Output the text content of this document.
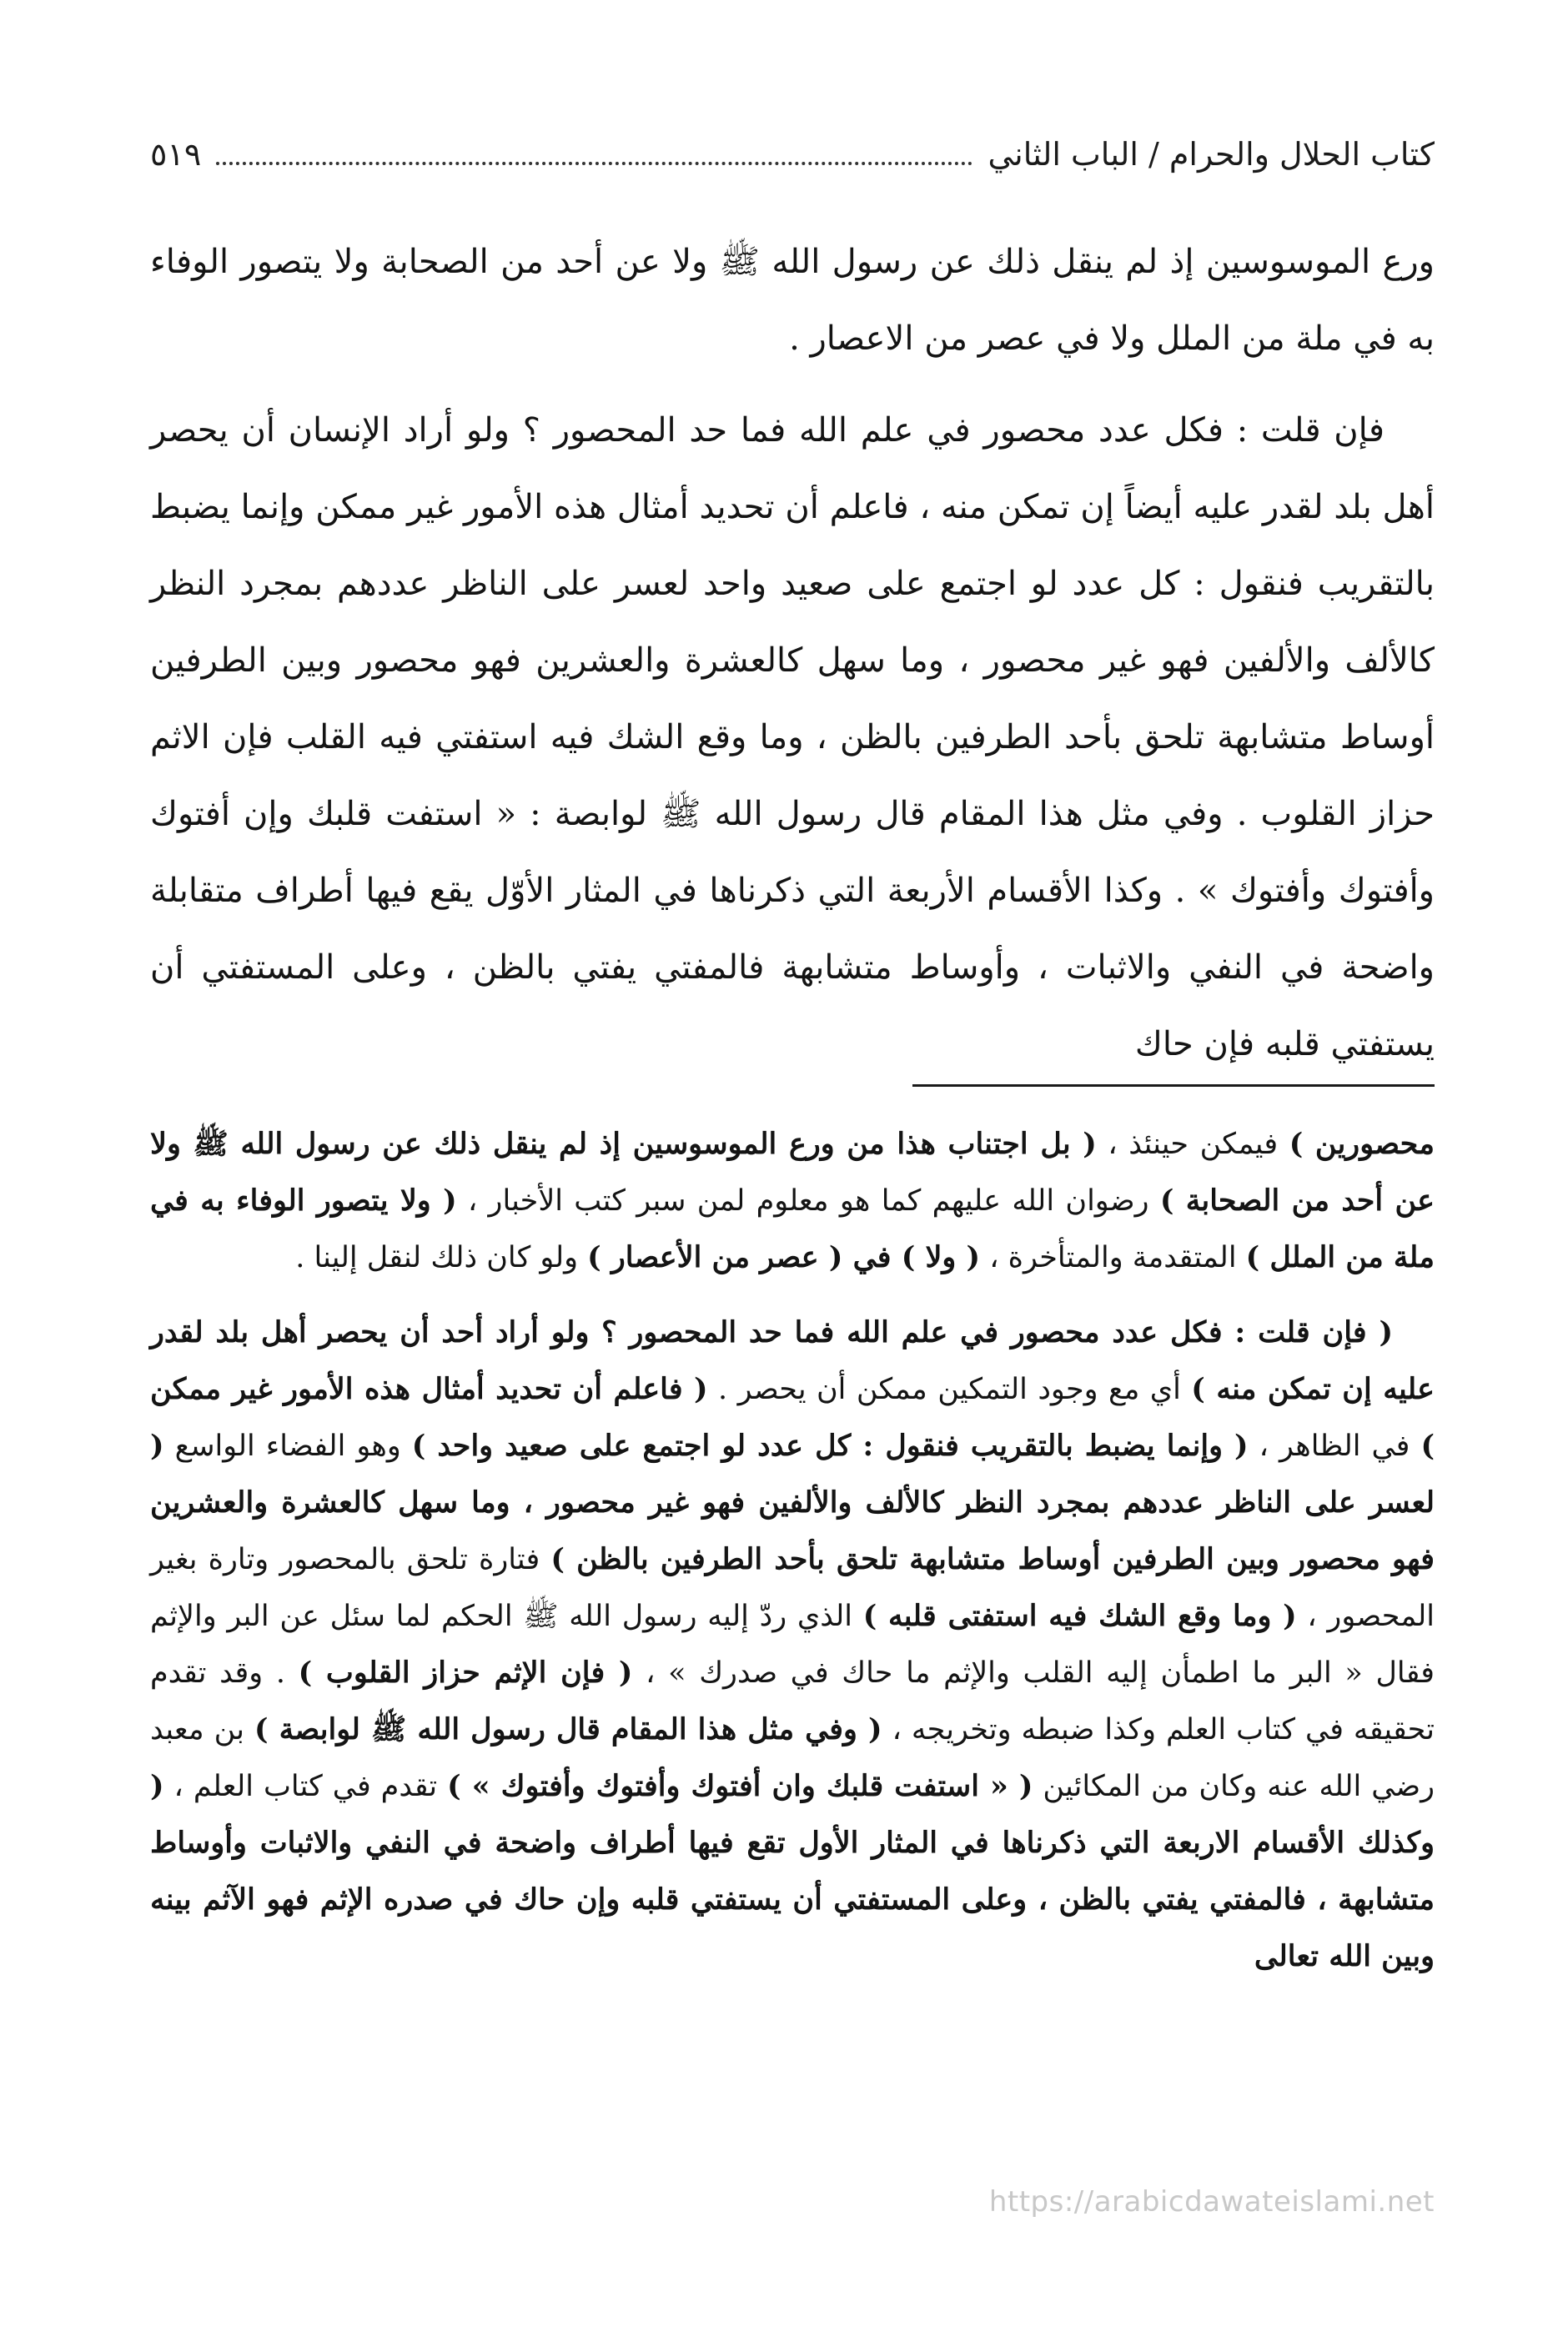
كتاب الحلال والحرام / الباب الثاني
٥١٩

ورع الموسوسين إذ لم ينقل ذلك عن رسول الله ﷺ ولا عن أحد من الصحابة ولا يتصور الوفاء به في ملة من الملل ولا في عصر من الاعصار .

فإن قلت : فكل عدد محصور في علم الله فما حد المحصور ؟ ولو أراد الإنسان أن يحصر أهل بلد لقدر عليه أيضاً إن تمكن منه ، فاعلم أن تحديد أمثال هذه الأمور غير ممكن وإنما يضبط بالتقريب فنقول : كل عدد لو اجتمع على صعيد واحد لعسر على الناظر عددهم بمجرد النظر كالألف والألفين فهو غير محصور ، وما سهل كالعشرة والعشرين فهو محصور وبين الطرفين أوساط متشابهة تلحق بأحد الطرفين بالظن ، وما وقع الشك فيه استفتي فيه القلب فإن الاثم حزاز القلوب . وفي مثل هذا المقام قال رسول الله ﷺ لوابصة : « استفت قلبك وإن أفتوك وأفتوك وأفتوك » . وكذا الأقسام الأربعة التي ذكرناها في المثار الأوّل يقع فيها أطراف متقابلة واضحة في النفي والاثبات ، وأوساط متشابهة فالمفتي يفتي بالظن ، وعلى المستفتي أن يستفتي قلبه فإن حاك

محصورين ) فيمكن حينئذ ، ( بل اجتناب هذا من ورع الموسوسين إذ لم ينقل ذلك عن رسول الله ﷺ ولا عن أحد من الصحابة ) رضوان الله عليهم كما هو معلوم لمن سبر كتب الأخبار ، ( ولا يتصور الوفاء به في ملة من الملل ) المتقدمة والمتأخرة ، ( ولا ) في ( عصر من الأعصار ) ولو كان ذلك لنقل إلينا .

( فإن قلت : فكل عدد محصور في علم الله فما حد المحصور ؟ ولو أراد أحد أن يحصر أهل بلد لقدر عليه إن تمكن منه ) أي مع وجود التمكين ممكن أن يحصر . ( فاعلم أن تحديد أمثال هذه الأمور غير ممكن ) في الظاهر ، ( وإنما يضبط بالتقريب فنقول : كل عدد لو اجتمع على صعيد واحد ) وهو الفضاء الواسع ( لعسر على الناظر عددهم بمجرد النظر كالألف والألفين فهو غير محصور ، وما سهل كالعشرة والعشرين فهو محصور وبين الطرفين أوساط متشابهة تلحق بأحد الطرفين بالظن ) فتارة تلحق بالمحصور وتارة بغير المحصور ، ( وما وقع الشك فيه استفتى قلبه ) الذي ردّ إليه رسول الله ﷺ الحكم لما سئل عن البر والإثم فقال « البر ما اطمأن إليه القلب والإثم ما حاك في صدرك » ، ( فإن الإثم حزاز القلوب ) . وقد تقدم تحقيقه في كتاب العلم وكذا ضبطه وتخريجه ، ( وفي مثل هذا المقام قال رسول الله ﷺ لوابصة ) بن معبد رضي الله عنه وكان من المكائين ( « استفت قلبك وان أفتوك وأفتوك وأفتوك » ) تقدم في كتاب العلم ، ( وكذلك الأقسام الاربعة التي ذكرناها في المثار الأول تقع فيها أطراف واضحة في النفي والاثبات وأوساط متشابهة ، فالمفتي يفتي بالظن ، وعلى المستفتي أن يستفتي قلبه وإن حاك في صدره الإثم فهو الآثم بينه وبين الله تعالى

https://arabicdawateislami.net
